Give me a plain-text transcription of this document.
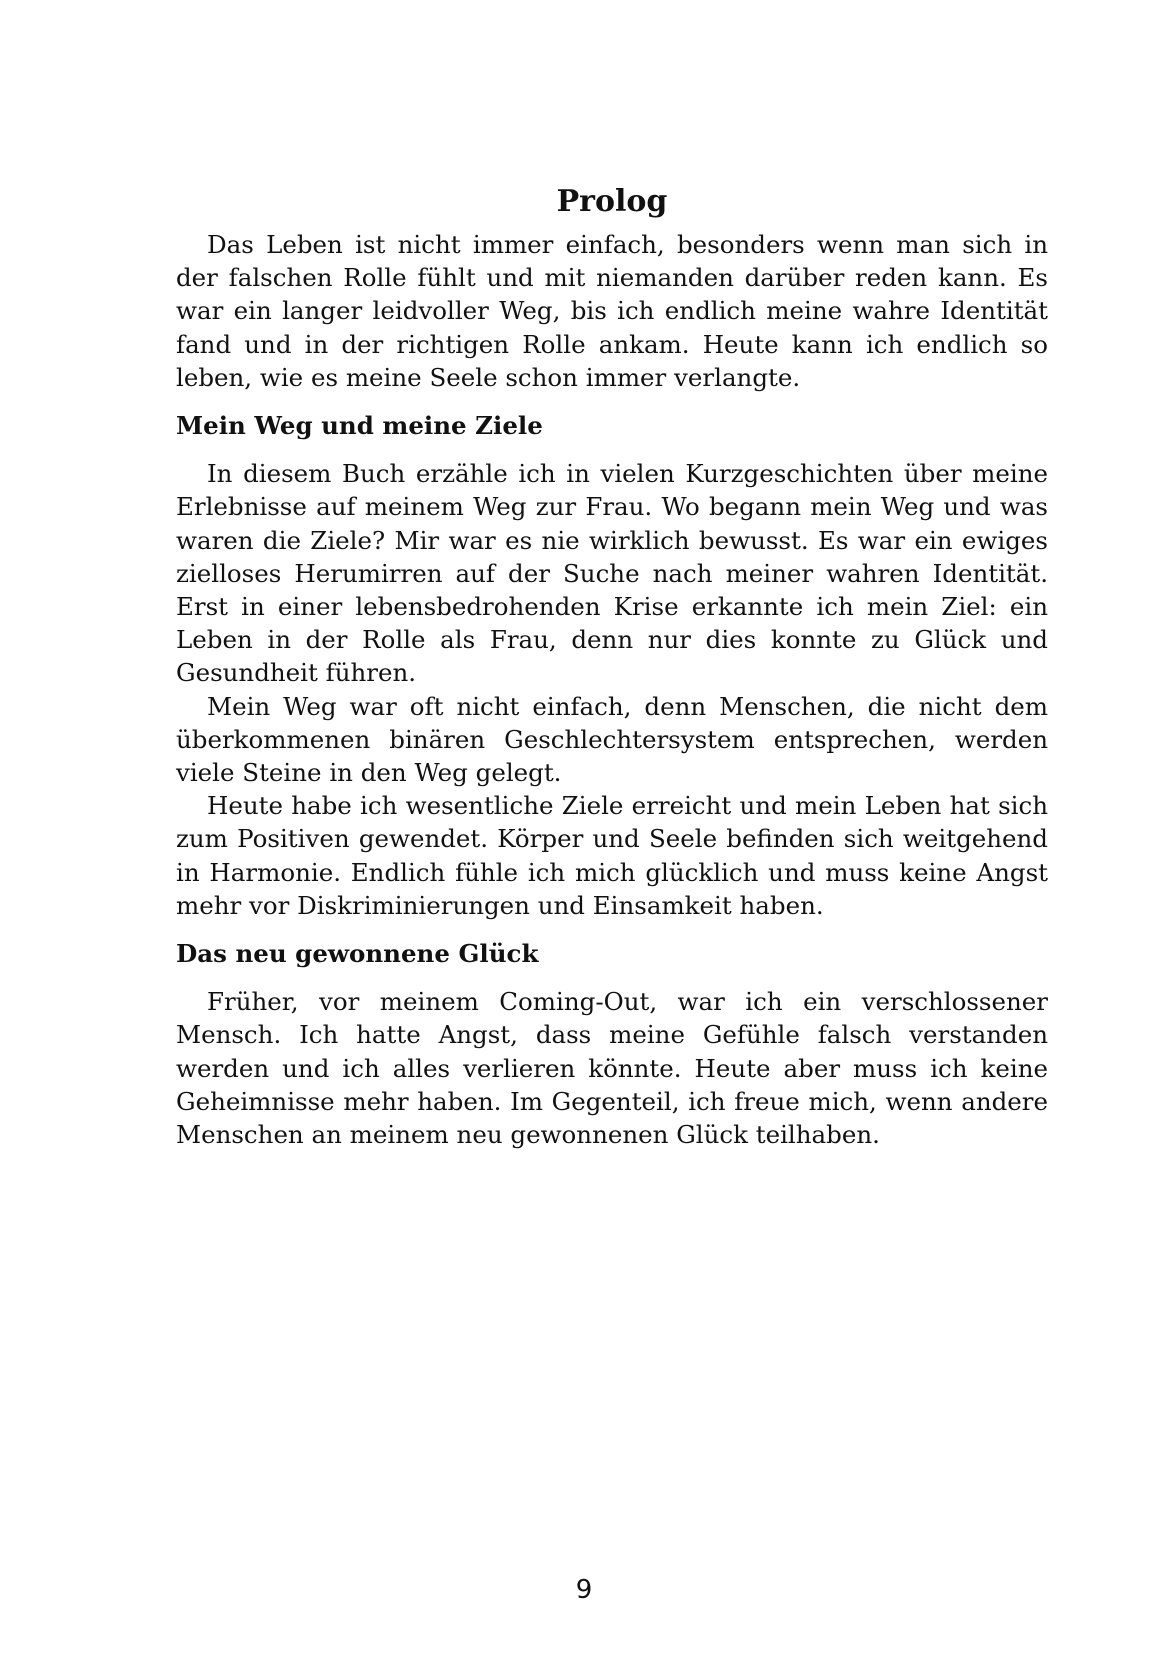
Prolog

Das Leben ist nicht immer einfach, besonders wenn man sich in der falschen Rolle fühlt und mit niemanden darüber reden kann. Es war ein langer leidvoller Weg, bis ich endlich meine wahre Identität fand und in der richtigen Rolle ankam. Heute kann ich endlich so leben, wie es meine Seele schon immer verlangte.

Mein Weg und meine Ziele

In diesem Buch erzähle ich in vielen Kurzgeschichten über meine Erlebnisse auf meinem Weg zur Frau. Wo begann mein Weg und was waren die Ziele? Mir war es nie wirklich bewusst. Es war ein ewiges zielloses Herumirren auf der Suche nach meiner wahren Identität. Erst in einer lebensbedrohenden Krise erkannte ich mein Ziel: ein Leben in der Rolle als Frau, denn nur dies konnte zu Glück und Gesundheit führen.

Mein Weg war oft nicht einfach, denn Menschen, die nicht dem überkommenen binären Geschlechtersystem entsprechen, werden viele Steine in den Weg gelegt.

Heute habe ich wesentliche Ziele erreicht und mein Leben hat sich zum Positiven gewendet. Körper und Seele befinden sich weitgehend in Harmonie. Endlich fühle ich mich glücklich und muss keine Angst mehr vor Diskriminierungen und Einsamkeit haben.

Das neu gewonnene Glück

Früher, vor meinem Coming-Out, war ich ein verschlossener Mensch. Ich hatte Angst, dass meine Gefühle falsch verstanden werden und ich alles verlieren könnte. Heute aber muss ich keine Geheimnisse mehr haben. Im Gegenteil, ich freue mich, wenn andere Menschen an meinem neu gewonnenen Glück teilhaben.

9
